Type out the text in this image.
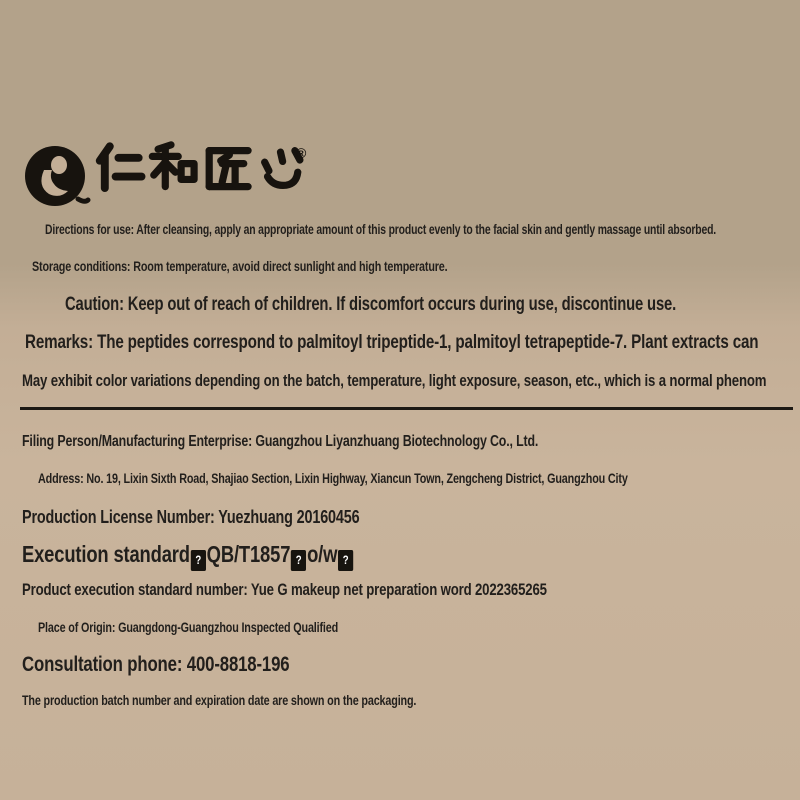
®
Directions for use: After cleansing, apply an appropriate amount of this product evenly to the facial skin and gently massage until absorbed.
Storage conditions: Room temperature, avoid direct sunlight and high temperature.
Caution: Keep out of reach of children. If discomfort occurs during use, discontinue use.
Remarks: The peptides correspond to palmitoyl tripeptide-1, palmitoyl tetrapeptide-7. Plant extracts can
May exhibit color variations depending on the batch, temperature, light exposure, season, etc., which is a normal phenom
Filing Person/Manufacturing Enterprise: Guangzhou Liyanzhuang Biotechnology Co., Ltd.
Address: No. 19, Lixin Sixth Road, Shajiao Section, Lixin Highway, Xiancun Town, Zengcheng District, Guangzhou City
Production License Number: Yuezhuang 20160456
Execution standard ? QB/T1857 ? o/w ?
Product execution standard number: Yue G makeup net preparation word 2022365265
Place of Origin: Guangdong-Guangzhou Inspected Qualified
Consultation phone: 400-8818-196
The production batch number and expiration date are shown on the packaging.
